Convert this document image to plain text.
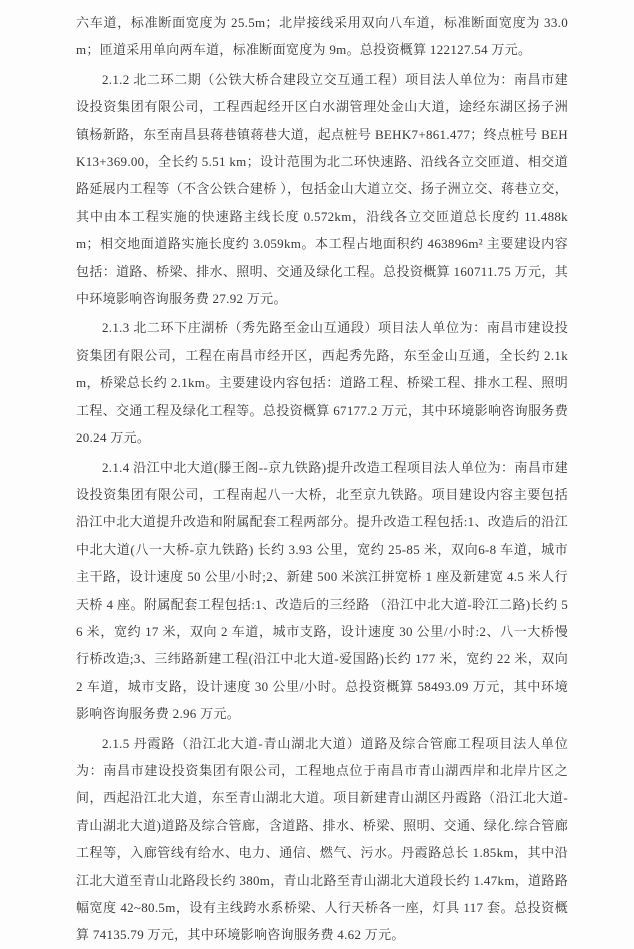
六车道，标准断面宽度为 25.5m；北岸接线采用双向八车道，标准断面宽度为 33.0m；匝道采用单向两车道，标准断面宽度为 9m。总投资概算 122127.54 万元。

2.1.2 北二环二期（公铁大桥合建段立交互通工程）项目法人单位为：南昌市建设投资集团有限公司，工程西起经开区白水湖管理处金山大道，途经东湖区扬子洲镇杨新路，东至南昌县蒋巷镇蒋巷大道，起点桩号 BEHK7+861.477；终点桩号 BEHK13+369.00，全长约 5.51 km；设计范围为北二环快速路、沿线各立交匝道、相交道路延展内工程等（不含公铁合建桥 ），包括金山大道立交、扬子洲立交、蒋巷立交，其中由本工程实施的快速路主线长度 0.572km，沿线各立交匝道总长度约 11.488km；相交地面道路实施长度约 3.059km。本工程占地面积约 463896m² 主要建设内容包括：道路、桥梁、排水、照明、交通及绿化工程。总投资概算 160711.75 万元，其中环境影响咨询服务费 27.92 万元。

2.1.3 北二环下庄湖桥（秀先路至金山互通段）项目法人单位为：南昌市建设投资集团有限公司，工程在南昌市经开区，西起秀先路，东至金山互通，全长约 2.1km，桥梁总长约 2.1km。主要建设内容包括：道路工程、桥梁工程、排水工程、照明工程、交通工程及绿化工程等。总投资概算 67177.2 万元，其中环境影响咨询服务费 20.24 万元。

2.1.4 沿江中北大道(滕王阁--京九铁路)提升改造工程项目法人单位为：南昌市建设投资集团有限公司，工程南起八一大桥，北至京九铁路。项目建设内容主要包括沿江中北大道提升改造和附属配套工程两部分。提升改造工程包括:1、改造后的沿江中北大道(八一大桥-京九铁路) 长约 3.93 公里，宽约 25-85 米，双向6-8 车道，城市主干路，设计速度 50 公里/小时;2、新建 500 米滨江拼宽桥 1 座及新建宽 4.5 米人行天桥 4 座。附属配套工程包括:1、改造后的三经路 （沿江中北大道-聆江二路)长约 56 米，宽约 17 米，双向 2 车道，城市支路，设计速度 30 公里/小时:2、八一大桥慢行桥改造;3、三纬路新建工程(沿江中北大道-爱国路)长约 177 米，宽约 22 米，双向 2 车道，城市支路，设计速度 30 公里/小时。总投资概算 58493.09 万元，其中环境影响咨询服务费 2.96 万元。

2.1.5 丹霞路（沿江北大道-青山湖北大道）道路及综合管廊工程项目法人单位为：南昌市建设投资集团有限公司，工程地点位于南昌市青山湖西岸和北岸片区之间，西起沿江北大道，东至青山湖北大道。项目新建青山湖区丹霞路（沿江北大道-青山湖北大道)道路及综合管廊，含道路、排水、桥梁、照明、交通、绿化.综合管廊工程等，入廊管线有给水、电力、通信、燃气、污水。丹霞路总长 1.85km，其中沿江北大道至青山北路段长约 380m，青山北路至青山湖北大道段长约 1.47km，道路路幅宽度 42~80.5m，设有主线跨水系桥梁、人行天桥各一座，灯具 117 套。总投资概算 74135.79 万元，其中环境影响咨询服务费 4.62 万元。
